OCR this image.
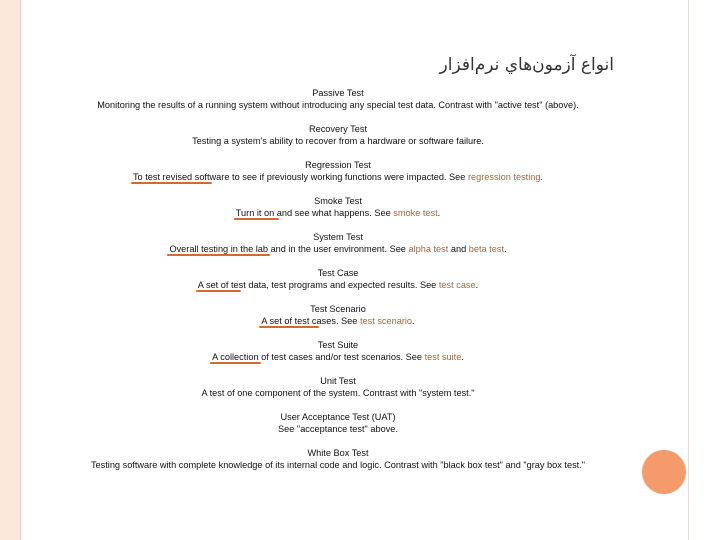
انواع آزمون‌هاي نرم‌افزار
Passive Test
Monitoring the results of a running system without introducing any special test data. Contrast with "active test" (above).
Recovery Test
Testing a system's ability to recover from a hardware or software failure.
Regression Test
To test revised software to see if previously working functions were impacted. See regression testing.
Smoke Test
Turn it on and see what happens. See smoke test.
System Test
Overall testing in the lab and in the user environment. See alpha test and beta test.
Test Case
A set of test data, test programs and expected results. See test case.
Test Scenario
A set of test cases. See test scenario.
Test Suite
A collection of test cases and/or test scenarios. See test suite.
Unit Test
A test of one component of the system. Contrast with "system test."
User Acceptance Test (UAT)
See "acceptance test" above.
White Box Test
Testing software with complete knowledge of its internal code and logic. Contrast with "black box test" and "gray box test."
